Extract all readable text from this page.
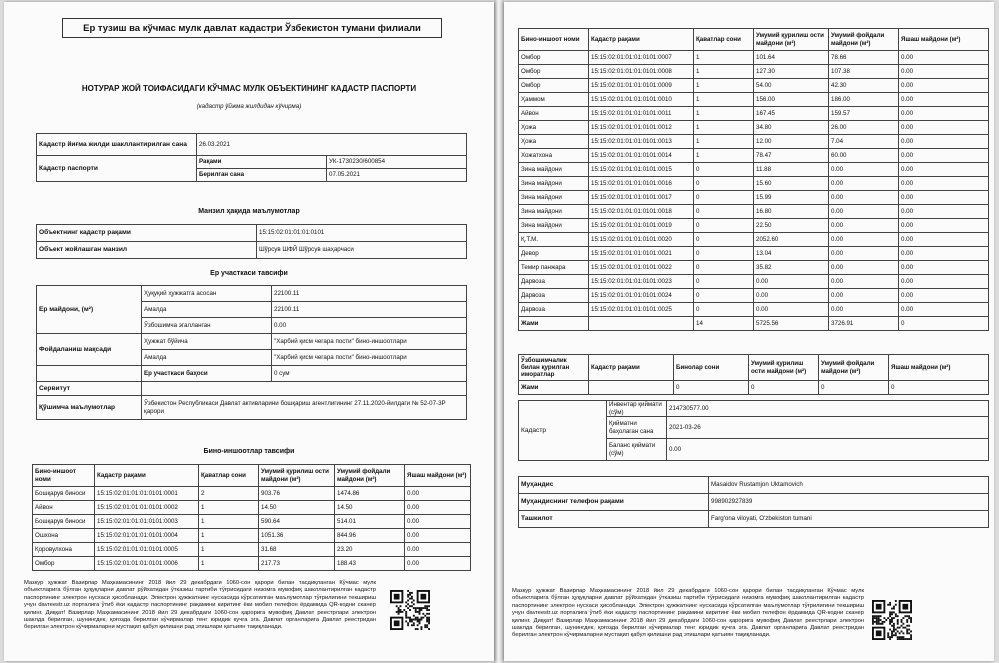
Ер тузиш ва кўчмас мулк давлат кадастри Ўзбекистон тумани филиали
НОТУРАР ЖОЙ ТОИФАСИДАГИ КЎЧМАС МУЛК ОБЪЕКТИНИНГ КАДАСТР ПАСПОРТИ
(кадастр ўйжма жилдидан кўчирма)
Кадастр йиғма жилди шакллантирилган сана	26.03.2021	
Кадастр паспорти	Рақами	УК-1730230/600854
	Берилган сана	07.05.2021
Манзил ҳақида маълумотлар
Объектнинг кадастр рақами	15:15:02:01:01:01:0101
Объект жойлашган манзил	Шўрсув ШФЙ Шўрсув шаҳарчаси
Ер участкаси тавсифи
Ер майдони, (м²)	Ҳуқуқий ҳужжатга асосан	22100.11
	Амалда	22100.11
	Ўзбошимча эгалланган	0.00
Фойдаланиш мақсади	Ҳужжат бўйича	"Харбий қисм чегара пости" бино-иншоотлари
	Амалда	"Харбий қисм чегара пости" бино-иншоотлари
	Ер участкаси баҳоси	0 сум
Сервитут		
Қўшимча маълумотлар	Ўзбекистон Республикаси Давлат активларини бошқариш агентлигининг 27.11.2020-йилдаги № 52-07-3Р қарори	
Бино-иншоотлар тавсифи
Бино-иншоот номи	Кадастр рақами	Қаватлар сони	Умумий қурилиш ости майдони (м²)	Умумий фойдали майдони (м²)	Яшаш майдони (м²)
Бошқарув биноси	15:15:02:01:01:01:0101:0001	2	903.76	1474.86	0.00
Айвон	15:15:02:01:01:01:0101:0002	1	14.50	14.50	0.00
Бошқарув биноси	15:15:02:01:01:01:0101:0003	1	590.64	514.01	0.00
Ошхона	15:15:02:01:01:01:0101:0004	1	1051.36	844.96	0.00
Қоровулхона	15:15:02:01:01:01:0101:0005	1	31.68	23.20	0.00
Омбор	15:15:02:01:01:01:0101:0006	1	217.73	188.43	0.00
Мазкур ҳужжат Вазирлар Маҳкамасининг 2018 йил 29 декабрдаги 1060-сон қарори билан тасдиқланган Кўчмас мулк объектларига бўлган ҳуқуқларни давлат рўйхатидан ўтказиш тартиби тўғрисидаги низомга мувофиқ шакллантирилган кадастр паспортининг электрон нусхаси ҳисобланади. Электрон ҳужжатнинг нусхасида кўрсатилган маълумотлар тўғрилигини текшириш учун davreestr.uz порталига ўтиб ёки кадастр паспортининг рақамини киритинг ёки мобил телефон ёрдамида QR-кодни сканер қилинг. Диққат! Вазирлар Маҳкамасининг 2018 йил 29 декабрдаги 1060-сон қарорига мувофиқ Давлат реестрлари электрон шаклда берилган, шунингдек, қоғозда берилган кўчирмалар тенг юридик кучга эга. Давлат органларига Давлат реестридан берилган электрон кўчирмаларни мустақил қабул қилишни рад этишлари қатъиян тақиқланади.
Бино-иншоот номи	Кадастр рақами	Қаватлар сони	Умумий қурилиш ости майдони (м²)	Умумий фойдали майдони (м²)	Яшаш майдони (м²)
Омбор	15:15:02:01:01:01:0101:0007	1	101.64	78.66	0.00
Омбор	15:15:02:01:01:01:0101:0008	1	127.30	107.38	0.00
Омбор	15:15:02:01:01:01:0101:0009	1	54.00	42.30	0.00
Ҳаммом	15:15:02:01:01:01:0101:0010	1	156.00	186.00	0.00
Айвон	15:15:02:01:01:01:0101:0011	1	167.45	159.57	0.00
Ҳожа	15:15:02:01:01:01:0101:0012	1	34.80	26.00	0.00
Ҳожа	15:15:02:01:01:01:0101:0013	1	12.00	7.04	0.00
Хожатхона	15:15:02:01:01:01:0101:0014	1	78.47	60.00	0.00
Зина майдони	15:15:02:01:01:01:0101:0015	0	11.88	0.00	0.00
Зина майдони	15:15:02:01:01:01:0101:0016	0	15.60	0.00	0.00
Зина майдони	15:15:02:01:01:01:0101:0017	0	15.99	0.00	0.00
Зина майдони	15:15:02:01:01:01:0101:0018	0	16.80	0.00	0.00
Зина майдони	15:15:02:01:01:01:0101:0019	0	22.50	0.00	0.00
Қ.Т.М.	15:15:02:01:01:01:0101:0020	0	2052.60	0.00	0.00
Девор	15:15:02:01:01:01:0101:0021	0	13.04	0.00	0.00
Темир панжара	15:15:02:01:01:01:0101:0022	0	35.82	0.00	0.00
Дарвоза	15:15:02:01:01:01:0101:0023	0	0.00	0.00	0.00
Дарвоза	15:15:02:01:01:01:0101:0024	0	0.00	0.00	0.00
Дарвоза	15:15:02:01:01:01:0101:0025	0	0.00	0.00	0.00
Жами		14	5725.56	3726.91	0
Ўзбошимчалик билан қурилган иморатлар	Кадастр рақами	Бинолар сони	Умумий қурилиш ости майдони (м²)	Умумий фойдали майдони (м²)	Яшаш майдони (м²)
Жами		0	0	0	0
Кадастр	Инвентар қиймати (сўм)	214730577.00
	Қийматни баҳолаган сана	2021-03-26
	Баланс қиймати (сўм)	0.00
Муҳандис	Masaidov Rustamjon Uktamovich
Муҳандиснинг телефон рақами	998902927839
Ташкилот	Farg'ona viloyati, O'zbekiston tumani
Мазкур ҳужжат Вазирлар Маҳкамасининг 2018 йил 29 декабрдаги 1060-сон қарори билан тасдиқланган Кўчмас мулк объектларига бўлган ҳуқуқларни давлат рўйхатидан ўтказиш тартиби тўғрисидаги низомга мувофиқ шакллантирилган кадастр паспортининг электрон нусхаси ҳисобланади. Электрон ҳужжатнинг нусхасида кўрсатилган маълумотлар тўғрилигини текшириш учун davreestr.uz порталига ўтиб ёки кадастр паспортининг рақамини киритинг ёки мобил телефон ёрдамида QR-кодни сканер қилинг. Диққат! Вазирлар Маҳкамасининг 2018 йил 29 декабрдаги 1060-сон қарорига мувофиқ Давлат реестрлари электрон шаклда берилган, шунингдек, қоғозда берилган кўчирмалар тенг юридик кучга эга. Давлат органларига Давлат реестридан берилган электрон кўчирмаларни мустақил қабул қилишни рад этишлари қатъиян тақиқланади.
